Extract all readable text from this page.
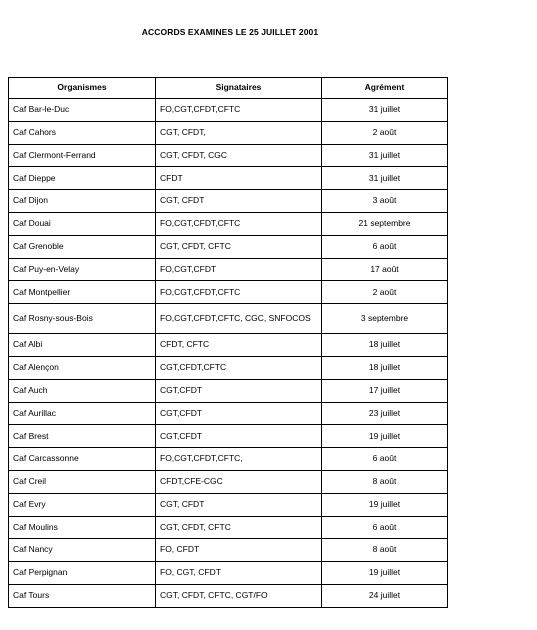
ACCORDS EXAMINES LE 25 JUILLET 2001
Organismes	Signataires	Agrément
Caf Bar-le-Duc	FO,CGT,CFDT,CFTC	31 juillet
Caf Cahors	CGT, CFDT,	2 août
Caf Clermont-Ferrand	CGT, CFDT, CGC	31 juillet
Caf Dieppe	CFDT	31 juillet
Caf Dijon	CGT, CFDT	3 août
Caf Douai	FO,CGT,CFDT,CFTC	21 septembre
Caf Grenoble	CGT, CFDT, CFTC	6 août
Caf Puy-en-Velay	FO,CGT,CFDT	17 août
Caf Montpellier	FO,CGT,CFDT,CFTC	2 août
Caf Rosny-sous-Bois	FO,CGT,CFDT,CFTC, CGC, SNFOCOS	3 septembre
Caf Albi	CFDT, CFTC	18 juillet
Caf Alençon	CGT,CFDT,CFTC	18 juillet
Caf Auch	CGT,CFDT	17 juillet
Caf Aurillac	CGT,CFDT	23 juillet
Caf Brest	CGT,CFDT	19 juillet
Caf Carcassonne	FO,CGT,CFDT,CFTC,	6 août
Caf Creil	CFDT,CFE-CGC	8 août
Caf Evry	CGT, CFDT	19 juillet
Caf Moulins	CGT, CFDT, CFTC	6 août
Caf Nancy	FO, CFDT	8 août
Caf Perpignan	FO, CGT, CFDT	19 juillet
Caf Tours	CGT, CFDT, CFTC, CGT/FO	24 juillet
